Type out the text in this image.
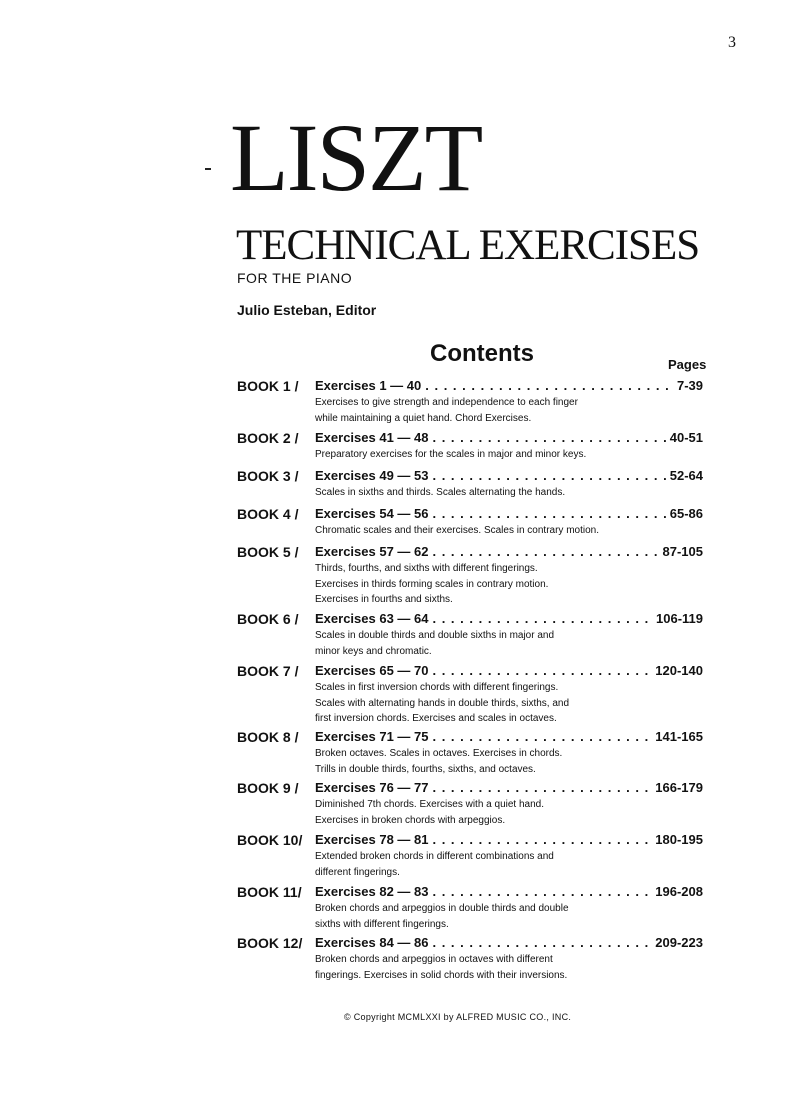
3
LISZT
TECHNICAL EXERCISES
FOR THE PIANO
Julio Esteban, Editor
Contents	Pages
BOOK 1 / Exercises 1 — 40 . . .	7-39
Exercises to give strength and independence to each finger
while maintaining a quiet hand. Chord Exercises.
BOOK 2 / Exercises 41 — 48 . . .	40-51
Preparatory exercises for the scales in major and minor keys.
BOOK 3 / Exercises 49 — 53 . . .	52-64
Scales in sixths and thirds. Scales alternating the hands.
BOOK 4 / Exercises 54 — 56 . . .	65-86
Chromatic scales and their exercises. Scales in contrary motion.
BOOK 5 / Exercises 57 — 62 . . .	87-105
Thirds, fourths, and sixths with different fingerings.
Exercises in thirds forming scales in contrary motion.
Exercises in fourths and sixths.
BOOK 6 / Exercises 63 — 64 . . .	106-119
Scales in double thirds and double sixths in major and
minor keys and chromatic.
BOOK 7 / Exercises 65 — 70 . . .	120-140
Scales in first inversion chords with different fingerings.
Scales with alternating hands in double thirds, sixths, and
first inversion chords. Exercises and scales in octaves.
BOOK 8 / Exercises 71 — 75 . . .	141-165
Broken octaves. Scales in octaves. Exercises in chords.
Trills in double thirds, fourths, sixths, and octaves.
BOOK 9 / Exercises 76 — 77 . . .	166-179
Diminished 7th chords. Exercises with a quiet hand.
Exercises in broken chords with arpeggios.
BOOK 10/ Exercises 78 — 81 . . .	180-195
Extended broken chords in different combinations and
different fingerings.
BOOK 11/ Exercises 82 — 83 . . .	196-208
Broken chords and arpeggios in double thirds and double
sixths with different fingerings.
BOOK 12/ Exercises 84 — 86 . . .	209-223
Broken chords and arpeggios in octaves with different
fingerings. Exercises in solid chords with their inversions.
© Copyright MCMLXXI by ALFRED MUSIC CO., INC.
